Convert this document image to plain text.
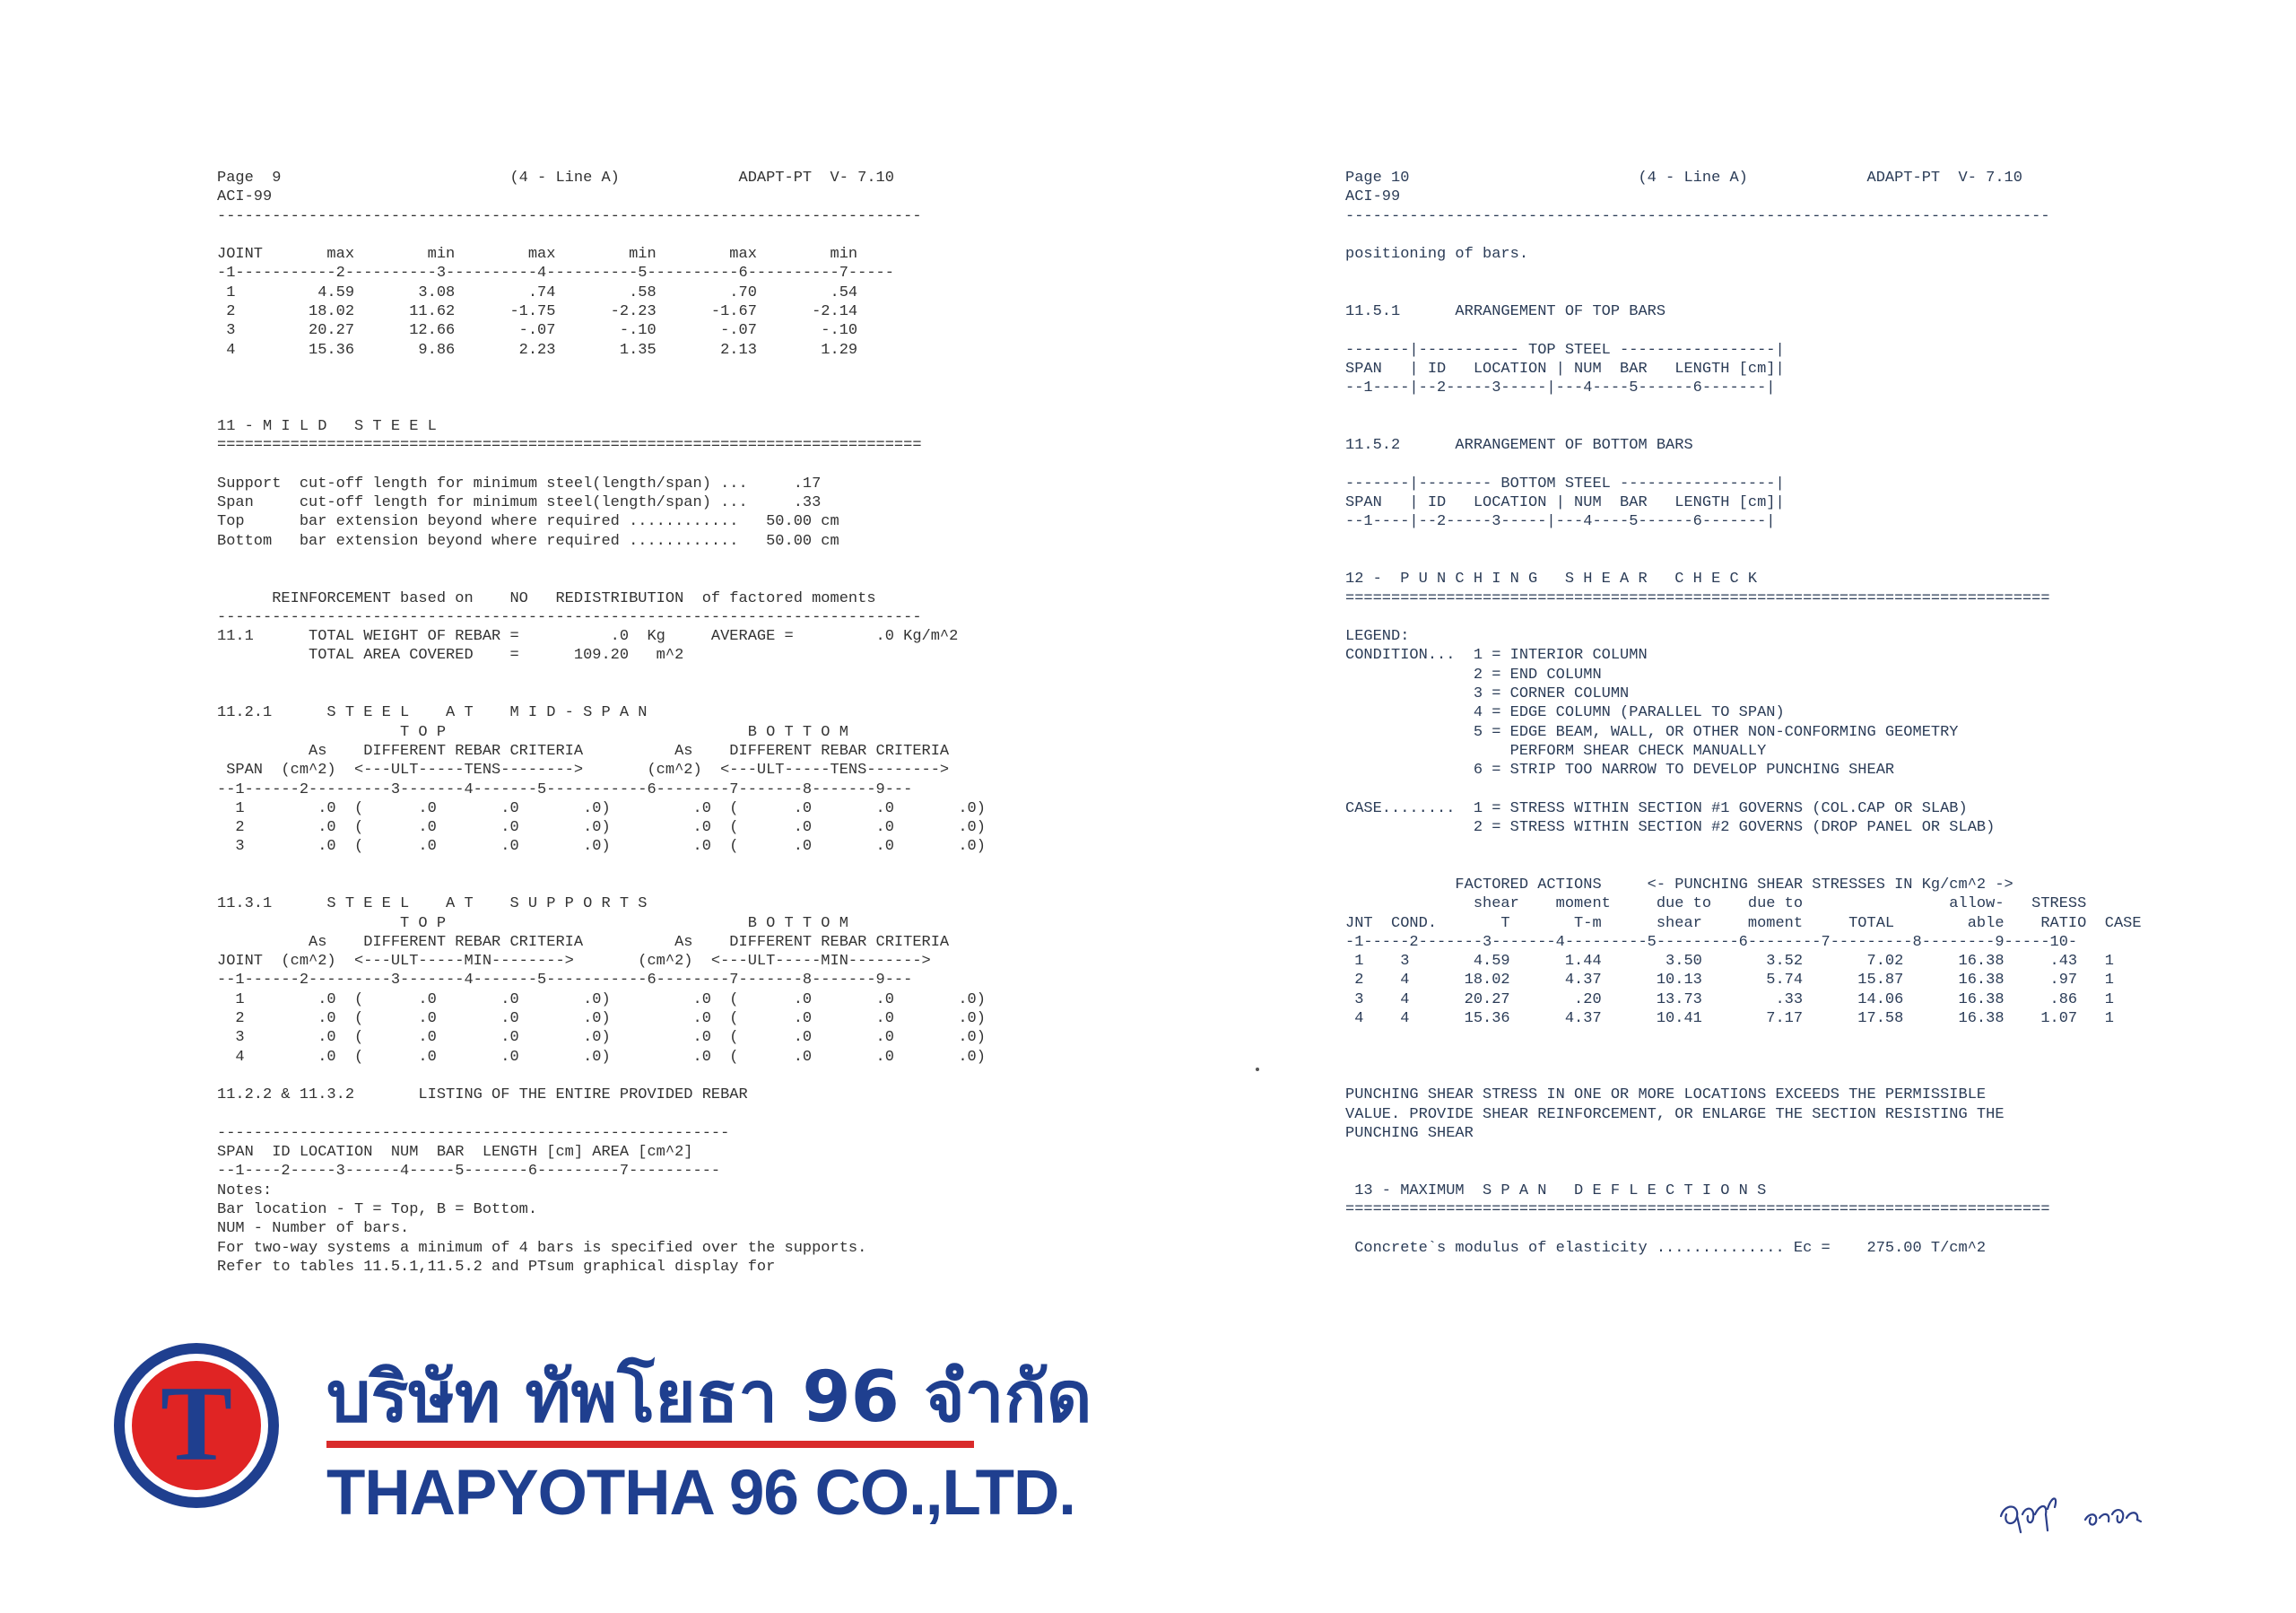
Page  9                         (4 - Line A)             ADAPT-PT  V- 7.10
ACI-99
-----------------------------------------------------------------------------

JOINT       max        min        max        min        max        min
-1-----------2----------3----------4----------5----------6----------7-----
1         4.59       3.08        .74        .58        .70        .54
2        18.02      11.62      -1.75      -2.23      -1.67      -2.14
3        20.27      12.66       -.07       -.10       -.07       -.10
4        15.36       9.86       2.23       1.35       2.13       1.29

11 - M I L D   S T E E L
=============================================================================

Support  cut-off length for minimum steel(length/span) ...     .17
Span     cut-off length for minimum steel(length/span) ...     .33
Top      bar extension beyond where required ............   50.00 cm
Bottom   bar extension beyond where required ............   50.00 cm

REINFORCEMENT based on    NO   REDISTRIBUTION  of factored moments
-----------------------------------------------------------------------------
11.1      TOTAL WEIGHT OF REBAR =          .0  Kg     AVERAGE =         .0 Kg/m^2
TOTAL AREA COVERED    =      109.20   m^2

11.2.1      S T E E L    A T    M I D - S P A N
T O P                                 B O T T O M
As    DIFFERENT REBAR CRITERIA          As    DIFFERENT REBAR CRITERIA
SPAN  (cm^2)  <---ULT-----TENS-------->       (cm^2)  <---ULT-----TENS-------->
--1------2---------3-------4-------5-----------6--------7-------8-------9---
1        .0  (      .0       .0       .0)         .0  (      .0       .0       .0)
2        .0  (      .0       .0       .0)         .0  (      .0       .0       .0)
3        .0  (      .0       .0       .0)         .0  (      .0       .0       .0)

11.3.1      S T E E L    A T    S U P P O R T S
T O P                                 B O T T O M
As    DIFFERENT REBAR CRITERIA          As    DIFFERENT REBAR CRITERIA
JOINT  (cm^2)  <---ULT-----MIN-------->       (cm^2)  <---ULT-----MIN-------->
--1------2---------3-------4-------5-----------6--------7-------8-------9---
1        .0  (      .0       .0       .0)         .0  (      .0       .0       .0)
2        .0  (      .0       .0       .0)         .0  (      .0       .0       .0)
3        .0  (      .0       .0       .0)         .0  (      .0       .0       .0)
4        .0  (      .0       .0       .0)         .0  (      .0       .0       .0)

11.2.2 & 11.3.2       LISTING OF THE ENTIRE PROVIDED REBAR

--------------------------------------------------------
SPAN  ID LOCATION  NUM  BAR  LENGTH [cm] AREA [cm^2]
--1----2-----3------4-----5-------6---------7----------
Notes:
Bar location - T = Top, B = Bottom.
NUM - Number of bars.
For two-way systems a minimum of 4 bars is specified over the supports.
Refer to tables 11.5.1,11.5.2 and PTsum graphical display for

Page 10                         (4 - Line A)             ADAPT-PT  V- 7.10
ACI-99
-----------------------------------------------------------------------------

positioning of bars.

11.5.1      ARRANGEMENT OF TOP BARS

-------|----------- TOP STEEL -----------------|
SPAN   | ID   LOCATION | NUM  BAR   LENGTH [cm]|
--1----|--2-----3-----|---4----5------6-------|

11.5.2      ARRANGEMENT OF BOTTOM BARS

-------|-------- BOTTOM STEEL -----------------|
SPAN   | ID   LOCATION | NUM  BAR   LENGTH [cm]|
--1----|--2-----3-----|---4----5------6-------|

12 -  P U N C H I N G   S H E A R   C H E C K
=============================================================================

LEGEND:
CONDITION...  1 = INTERIOR COLUMN
2 = END COLUMN
3 = CORNER COLUMN
4 = EDGE COLUMN (PARALLEL TO SPAN)
5 = EDGE BEAM, WALL, OR OTHER NON-CONFORMING GEOMETRY
PERFORM SHEAR CHECK MANUALLY
6 = STRIP TOO NARROW TO DEVELOP PUNCHING SHEAR

CASE........  1 = STRESS WITHIN SECTION #1 GOVERNS (COL.CAP OR SLAB)
2 = STRESS WITHIN SECTION #2 GOVERNS (DROP PANEL OR SLAB)

FACTORED ACTIONS     <- PUNCHING SHEAR STRESSES IN Kg/cm^2 ->
shear    moment     due to    due to                allow-   STRESS
JNT  COND.       T       T-m      shear     moment     TOTAL        able    RATIO  CASE
-1-----2-------3-------4---------5---------6--------7---------8--------9-----10-
1    3       4.59      1.44       3.50       3.52       7.02      16.38     .43   1
2    4      18.02      4.37      10.13       5.74      15.87      16.38     .97   1
3    4      20.27       .20      13.73        .33      14.06      16.38     .86   1
4    4      15.36      4.37      10.41       7.17      17.58      16.38    1.07   1

PUNCHING SHEAR STRESS IN ONE OR MORE LOCATIONS EXCEEDS THE PERMISSIBLE
VALUE. PROVIDE SHEAR REINFORCEMENT, OR ENLARGE THE SECTION RESISTING THE
PUNCHING SHEAR

13 - MAXIMUM  S P A N   D E F L E C T I O N S
=============================================================================

Concrete`s modulus of elasticity .............. Ec =    275.00 T/cm^2

T บริษัท ทัพโยธา 96 จำกัด
THAPYOTHA 96 CO.,LTD.
